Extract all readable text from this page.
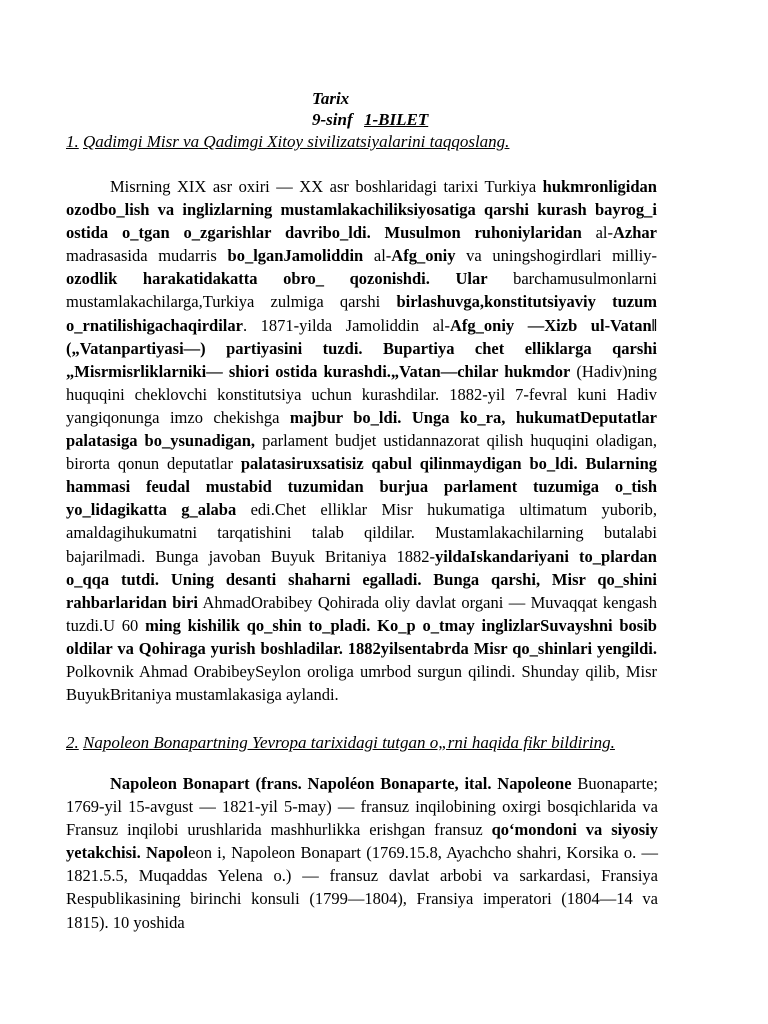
Tarix
9-sinf 1-BILET
1. Qadimgi Misr va Qadimgi Xitoy sivilizatsiyalarini taqqoslang.
Misrning XIX asr oxiri — XX asr boshlaridagi tarixi Turkiya hukmronligidan ozodbo_lish va inglizlarning mustamlakachiliksiyosatiga qarshi kurash bayrog_i ostida o_tgan o_zgarishlar davribo_ldi. Musulmon ruhoniylaridan al-Azhar madrasasida mudarris bo_lganJamoliddin al-Afg_oniy va uningshogirdlari milliy-ozodlik harakatidakatta obro_ qozonishdi. Ular barchamusulmonlarni mustamlakachilarga,Turkiya zulmiga qarshi birlashuvga,konstitutsiyaviy tuzum o_rnatilishigachaqirdilar. 1871-yilda Jamoliddin al-Afg_oniy —Xizb ul-Vatan‖ („Vatanpartiyasi—) partiyasini tuzdi. Bupartiya chet elliklarga qarshi „Misrmisrliklarniki— shiori ostida kurashdi.„Vatan—chilar hukmdor (Hadiv)ning huquqini cheklovchi konstitutsiya uchun kurashdilar. 1882-yil 7-fevral kuni Hadiv yangiqonunga imzo chekishga majbur bo_ldi. Unga ko_ra, hukumatDeputatlar palatasiga bo_ysunadigan, parlament budjet ustidannazorat qilish huquqini oladigan, birorta qonun deputatlar palatasiruxsatisiz qabul qilinmaydigan bo_ldi. Bularning hammasi feudal mustabid tuzumidan burjua parlament tuzumiga o_tish yo_lidagikatta g_alaba edi.Chet elliklar Misr hukumatiga ultimatum yuborib, amaldagihukumatni tarqatishini talab qildilar. Mustamlakachilarning butalabi bajarilmadi. Bunga javoban Buyuk Britaniya 1882-yildaIskandariyani to_plardan o_qqa tutdi. Uning desanti shaharni egalladi. Bunga qarshi, Misr qo_shini rahbarlaridan biri AhmadOrabibey Qohirada oliy davlat organi — Muvaqqat kengash tuzdi.U 60 ming kishilik qo_shin to_pladi. Ko_p o_tmay inglizlarSuvayshni bosib oldilar va Qohiraga yurish boshladilar. 1882yilsentabrda Misr qo_shinlari yengildi. Polkovnik Ahmad OrabibeySeylon oroliga umrbod surgun qilindi. Shunday qilib, Misr BuyukBritaniya mustamlakasiga aylandi.
2. Napoleon Bonapartning Yevropa tarixidagi tutgan o„rni haqida fikr bildiring.
Napoleon Bonapart (frans. Napoléon Bonaparte, ital. Napoleone Buonaparte; 1769-yil 15-avgust — 1821-yil 5-may) — fransuz inqilobining oxirgi bosqichlarida va Fransuz inqilobi urushlarida mashhurlikka erishgan fransuz qoʻmondoni va siyosiy yetakchisi. Napoleon i, Napoleon Bonapart (1769.15.8, Ayachcho shahri, Korsika o. — 1821.5.5, Muqaddas Yelena o.) — fransuz davlat arbobi va sarkardasi, Fransiya Respublikasining birinchi konsuli (1799—1804), Fransiya imperatori (1804—14 va 1815). 10 yoshida
